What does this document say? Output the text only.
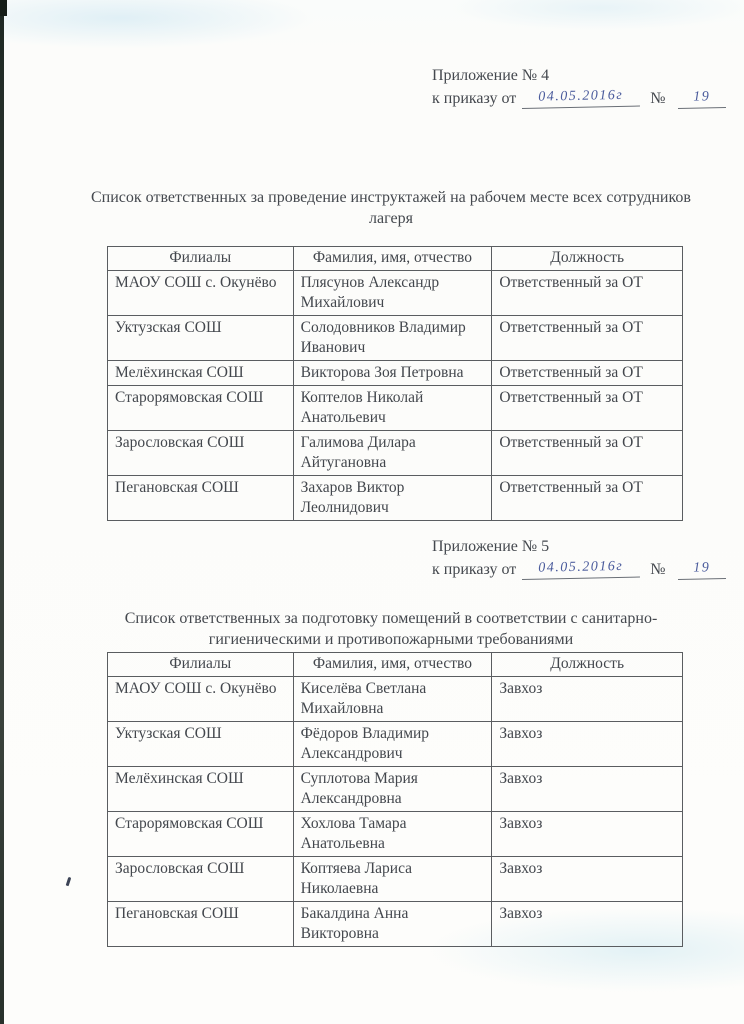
Приложение № 4
к приказу от 04.05.2016г № 19
Список ответственных за проведение инструктажей на рабочем месте всех сотрудников лагеря
Филиалы	Фамилия, имя, отчество	Должность
МАОУ СОШ с. Окунёво	Плясунов Александр Михайлович	Ответственный за ОТ
Уктузская СОШ	Солодовников Владимир Иванович	Ответственный за ОТ
Мелёхинская СОШ	Викторова Зоя Петровна	Ответственный за ОТ
Старорямовская СОШ	Коптелов Николай Анатольевич	Ответственный за ОТ
Зарословская СОШ	Галимова Дилара Айтугановна	Ответственный за ОТ
Пегановская СОШ	Захаров Виктор Леолнидович	Ответственный за ОТ
Приложение № 5
к приказу от 04.05.2016г № 19
Список ответственных за подготовку помещений в соответствии с санитарно-гигиеническими и противопожарными требованиями
Филиалы	Фамилия, имя, отчество	Должность
МАОУ СОШ с. Окунёво	Киселёва Светлана Михайловна	Завхоз
Уктузская СОШ	Фёдоров Владимир Александрович	Завхоз
Мелёхинская СОШ	Суплотова Мария Александровна	Завхоз
Старорямовская СОШ	Хохлова Тамара Анатольевна	Завхоз
Зарословская СОШ	Коптяева Лариса Николаевна	Завхоз
Пегановская СОШ	Бакалдина Анна Викторовна	Завхоз
